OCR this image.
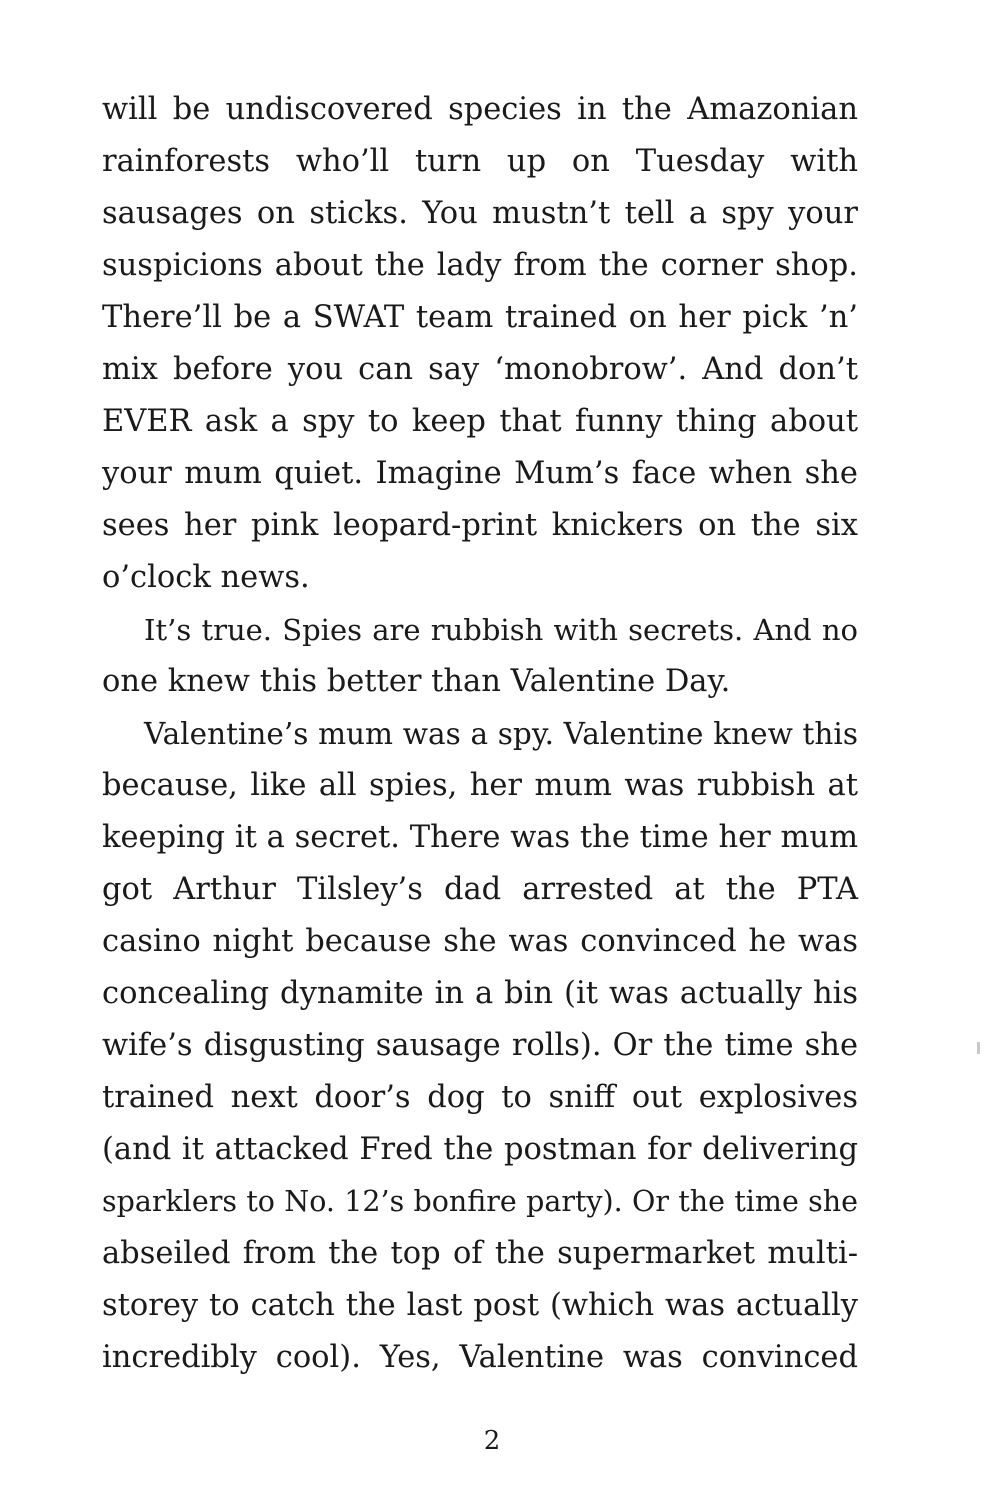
will be undiscovered species in the Amazonian
rainforests who’ll turn up on Tuesday with
sausages on sticks. You mustn’t tell a spy your
suspicions about the lady from the corner shop.
There’ll be a SWAT team trained on her pick ’n’
mix before you can say ‘monobrow’. And don’t
EVER ask a spy to keep that funny thing about
your mum quiet. Imagine Mum’s face when she
sees her pink leopard-print knickers on the six
o’clock news.
It’s true. Spies are rubbish with secrets. And no
one knew this better than Valentine Day.
Valentine’s mum was a spy. Valentine knew this
because, like all spies, her mum was rubbish at
keeping it a secret. There was the time her mum
got Arthur Tilsley’s dad arrested at the PTA
casino night because she was convinced he was
concealing dynamite in a bin (it was actually his
wife’s disgusting sausage rolls). Or the time she
trained next door’s dog to sniff out explosives
(and it attacked Fred the postman for delivering
sparklers to No. 12’s bonfire party). Or the time she
abseiled from the top of the supermarket multi-
storey to catch the last post (which was actually
incredibly cool). Yes, Valentine was convinced
2
